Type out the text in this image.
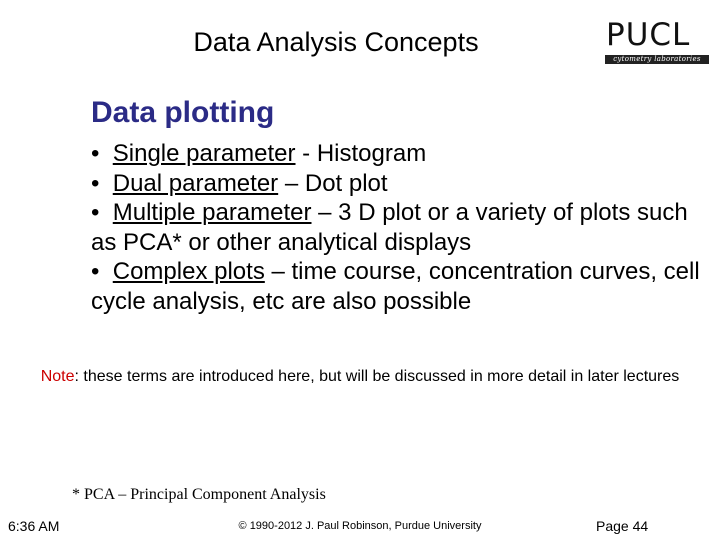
Data Analysis Concepts	PUCL
cytometry laboratories
Data plotting

• Single parameter - Histogram

• Dual parameter – Dot plot

• Multiple parameter – 3 D plot or a variety of plots such as PCA* or other analytical displays

• Complex plots – time course, concentration curves, cell cycle analysis, etc are also possible

Note: these terms are introduced here, but will be discussed in more detail in later lectures
* PCA – Principal Component Analysis
6:36 AM	© 1990-2012 J. Paul Robinson, Purdue University	Page 44
